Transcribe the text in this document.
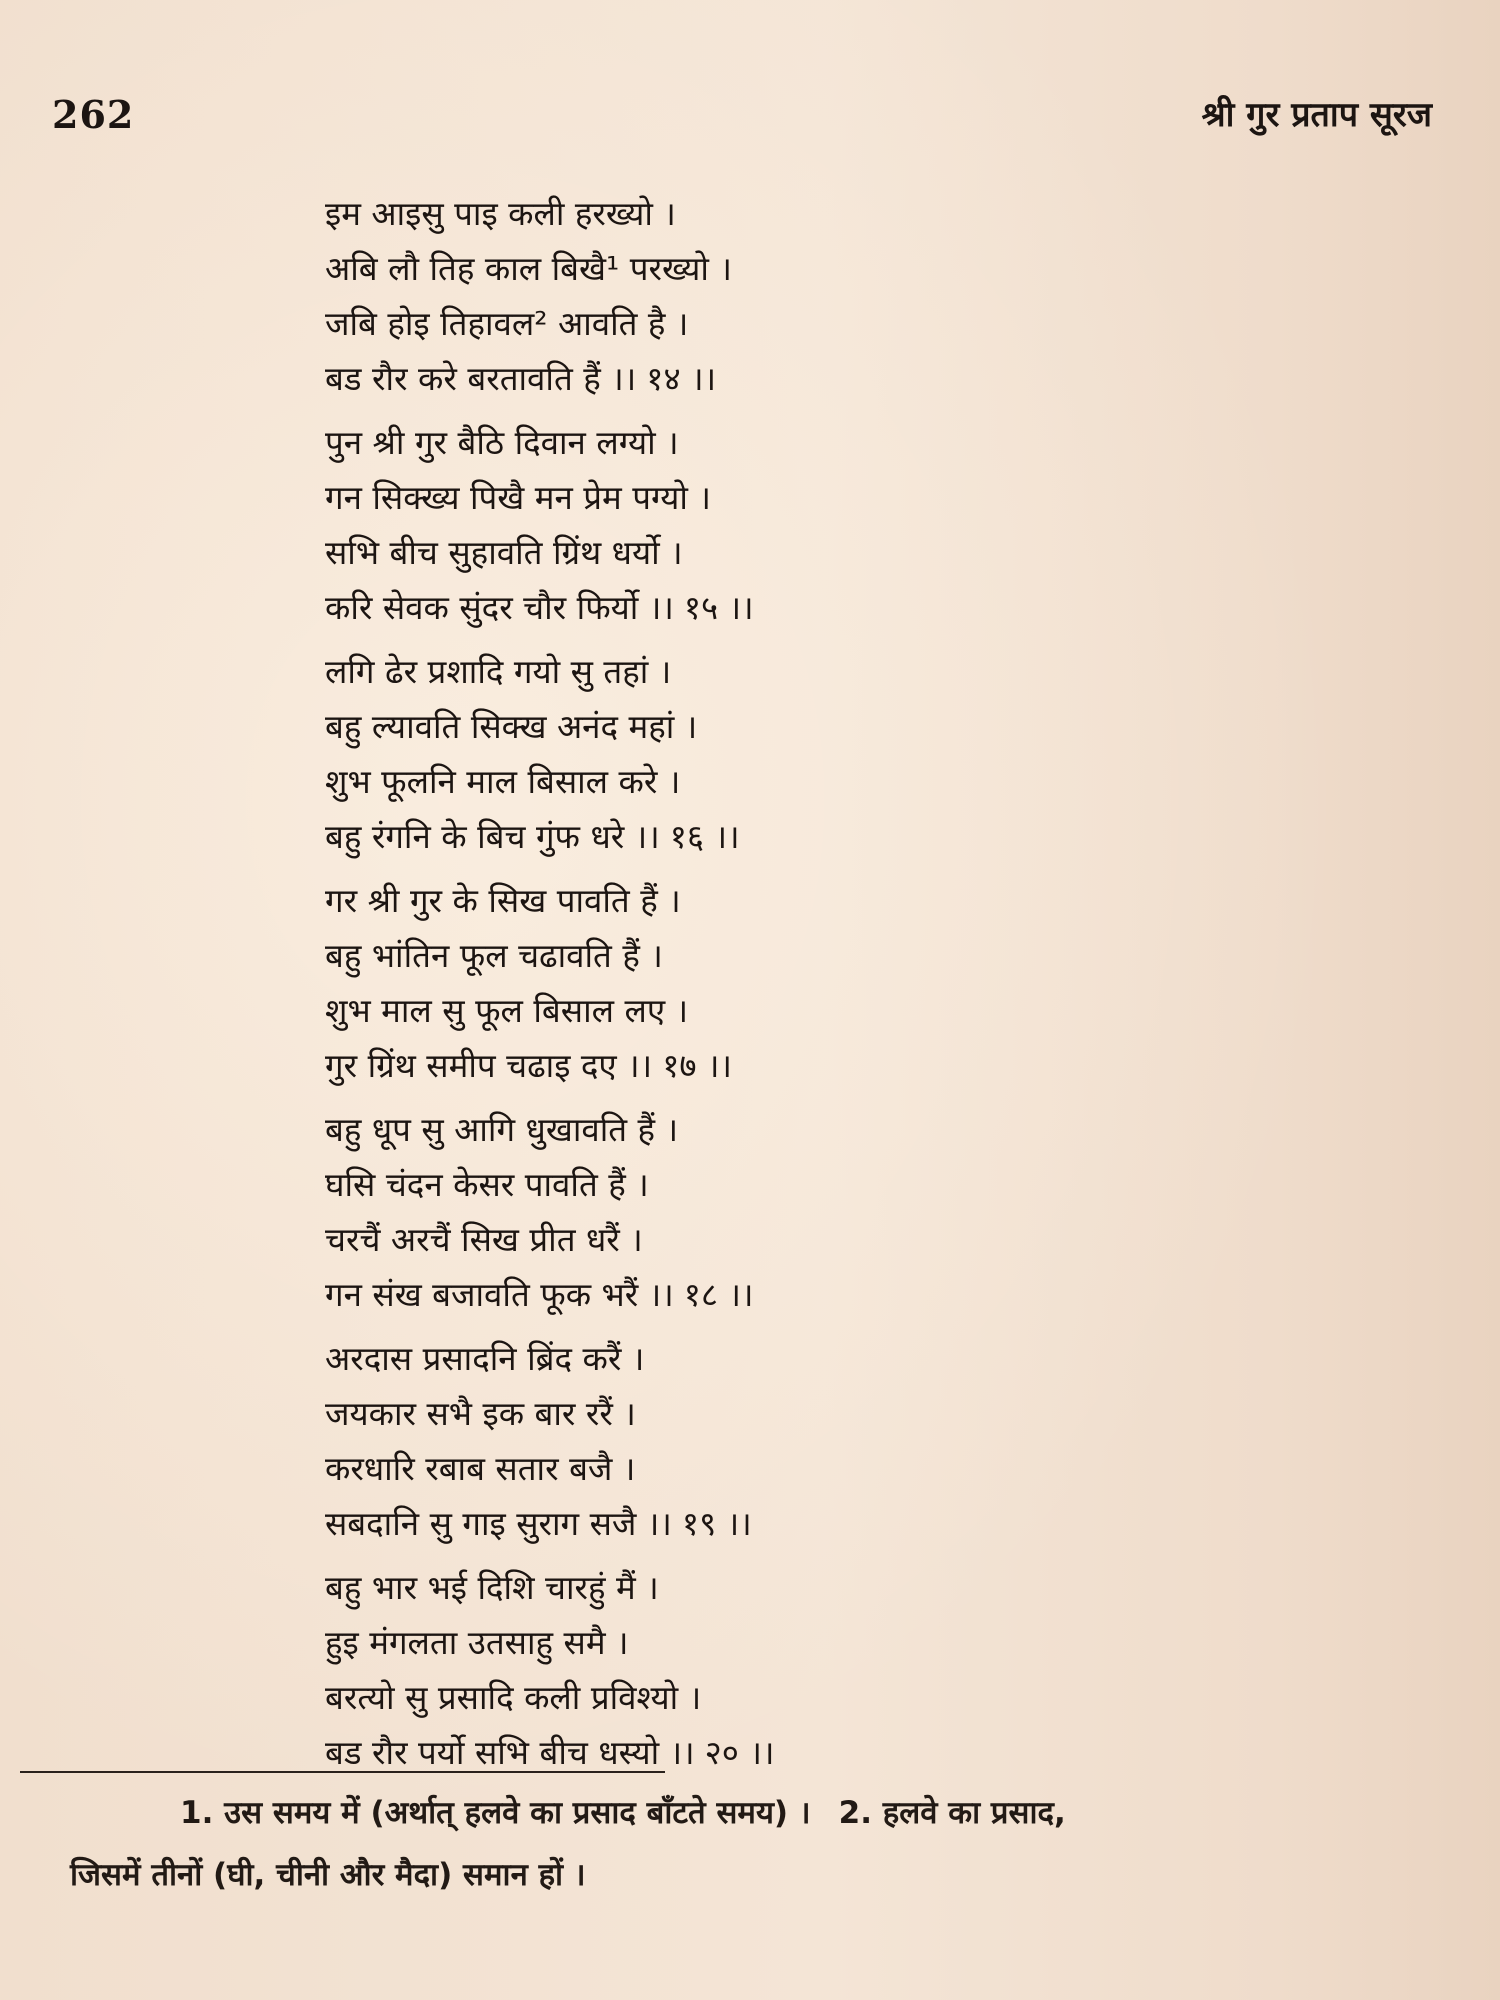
262	श्री गुर प्रताप सूरज
इम आइसु पाइ कली हरख्यो ।
अबि लौ तिह काल बिखै¹ परख्यो ।
जबि होइ तिहावल² आवति है ।
बड रौर करे बरतावति हैं ।। १४ ।।
पुन श्री गुर बैठि दिवान लग्यो ।
गन सिक्ख्य पिखै मन प्रेम पग्यो ।
सभि बीच सुहावति ग्रिंथ धर्यो ।
करि सेवक सुंदर चौर फिर्यो ।। १५ ।।
लगि ढेर प्रशादि गयो सु तहां ।
बहु ल्यावति सिक्ख अनंद महां ।
शुभ फूलनि माल बिसाल करे ।
बहु रंगनि के बिच गुंफ धरे ।। १६ ।।
गर श्री गुर के सिख पावति हैं ।
बहु भांतिन फूल चढावति हैं ।
शुभ माल सु फूल बिसाल लए ।
गुर ग्रिंथ समीप चढाइ दए ।। १७ ।।
बहु धूप सु आगि धुखावति हैं ।
घसि चंदन केसर पावति हैं ।
चरचैं अरचैं सिख प्रीत धरैं ।
गन संख बजावति फूक भरैं ।। १८ ।।
अरदास प्रसादनि ब्रिंद करैं ।
जयकार सभै इक बार ररैं ।
करधारि रबाब सतार बजै ।
सबदानि सु गाइ सुराग सजै ।। १९ ।।
बहु भार भई दिशि चारहुं मैं ।
हुइ मंगलता उतसाहु समै ।
बरत्यो सु प्रसादि कली प्रविश्यो ।
बड रौर पर्यो सभि बीच धस्यो ।। २० ।।
1. उस समय में (अर्थात् हलवे का प्रसाद बाँटते समय) । 2. हलवे का प्रसाद,
जिसमें तीनों (घी, चीनी और मैदा) समान हों ।
